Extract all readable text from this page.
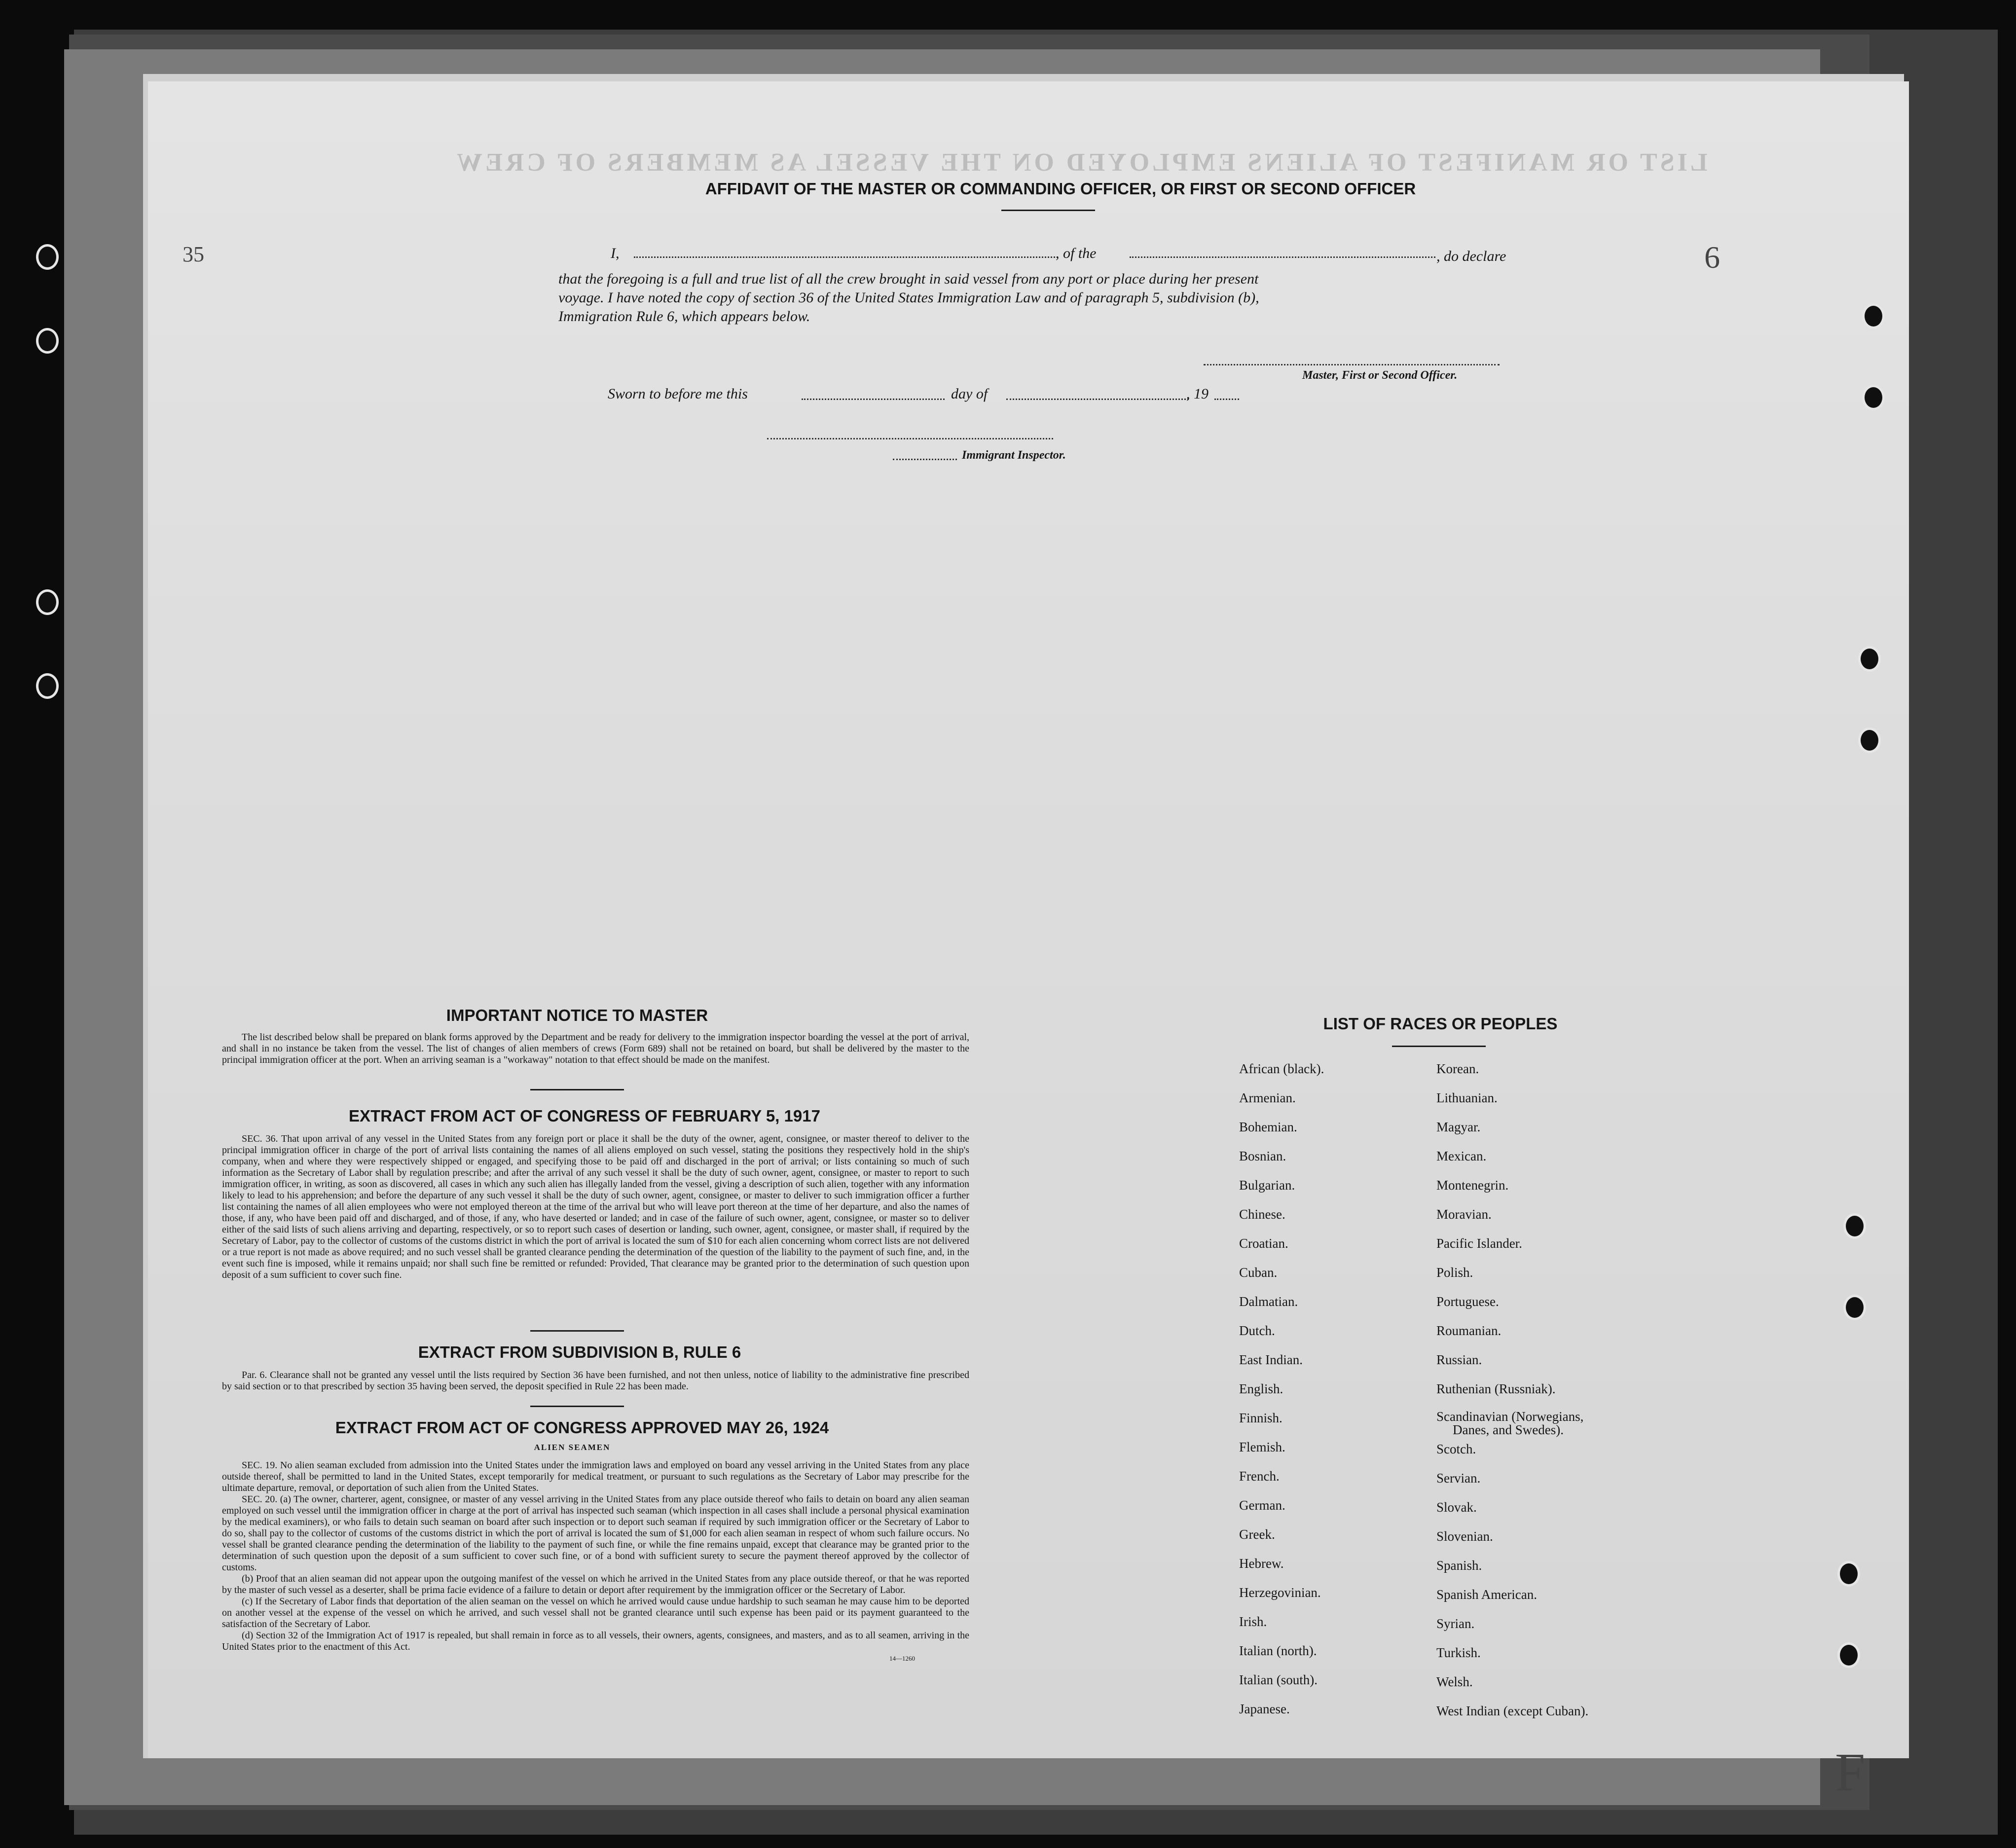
LIST OR MANIFEST OF ALIENS EMPLOYED ON THE VESSEL AS MEMBERS OF CREW
35	6
F
AFFIDAVIT OF THE MASTER OR COMMANDING OFFICER, OR FIRST OR SECOND OFFICER
I,	, of the	, do declare
that the foregoing is a full and true list of all the crew brought in said vessel from any port or place during her present
voyage. I have noted the copy of section 36 of the United States Immigration Law and of paragraph 5, subdivision (b),
Immigration Rule 6, which appears below.
Master, First or Second Officer.
Sworn to before me this	day of	, 19
Immigrant Inspector.
IMPORTANT NOTICE TO MASTER
The list described below shall be prepared on blank forms approved by the Department and be ready for delivery to the immigration inspector boarding the vessel at the port of arrival, and shall in no instance be taken from the vessel. The list of changes of alien members of crews (Form 689) shall not be retained on board, but shall be delivered by the master to the principal immigration officer at the port. When an arriving seaman is a "workaway" notation to that effect should be made on the manifest.
EXTRACT FROM ACT OF CONGRESS OF FEBRUARY 5, 1917
SEC. 36. That upon arrival of any vessel in the United States from any foreign port or place it shall be the duty of the owner, agent, consignee, or master thereof to deliver to the principal immigration officer in charge of the port of arrival lists containing the names of all aliens employed on such vessel, stating the positions they respectively hold in the ship's company, when and where they were respectively shipped or engaged, and specifying those to be paid off and discharged in the port of arrival; or lists containing so much of such information as the Secretary of Labor shall by regulation prescribe; and after the arrival of any such vessel it shall be the duty of such owner, agent, consignee, or master to report to such immigration officer, in writing, as soon as discovered, all cases in which any such alien has illegally landed from the vessel, giving a description of such alien, together with any information likely to lead to his apprehension; and before the departure of any such vessel it shall be the duty of such owner, agent, consignee, or master to deliver to such immigration officer a further list containing the names of all alien employees who were not employed thereon at the time of the arrival but who will leave port thereon at the time of her departure, and also the names of those, if any, who have been paid off and discharged, and of those, if any, who have deserted or landed; and in case of the failure of such owner, agent, consignee, or master so to deliver either of the said lists of such aliens arriving and departing, respectively, or so to report such cases of desertion or landing, such owner, agent, consignee, or master shall, if required by the Secretary of Labor, pay to the collector of customs of the customs district in which the port of arrival is located the sum of $10 for each alien concerning whom correct lists are not delivered or a true report is not made as above required; and no such vessel shall be granted clearance pending the determination of the question of the liability to the payment of such fine, and, in the event such fine is imposed, while it remains unpaid; nor shall such fine be remitted or refunded: Provided, That clearance may be granted prior to the determination of such question upon deposit of a sum sufficient to cover such fine.
EXTRACT FROM SUBDIVISION B, RULE 6
Par. 6. Clearance shall not be granted any vessel until the lists required by Section 36 have been furnished, and not then unless, notice of liability to the administrative fine prescribed by said section or to that prescribed by section 35 having been served, the deposit specified in Rule 22 has been made.
EXTRACT FROM ACT OF CONGRESS APPROVED MAY 26, 1924
ALIEN SEAMEN
SEC. 19. No alien seaman excluded from admission into the United States under the immigration laws and employed on board any vessel arriving in the United States from any place outside thereof, shall be permitted to land in the United States, except temporarily for medical treatment, or pursuant to such regulations as the Secretary of Labor may prescribe for the ultimate departure, removal, or deportation of such alien from the United States.
SEC. 20. (a) The owner, charterer, agent, consignee, or master of any vessel arriving in the United States from any place outside thereof who fails to detain on board any alien seaman employed on such vessel until the immigration officer in charge at the port of arrival has inspected such seaman (which inspection in all cases shall include a personal physical examination by the medical examiners), or who fails to detain such seaman on board after such inspection or to deport such seaman if required by such immigration officer or the Secretary of Labor to do so, shall pay to the collector of customs of the customs district in which the port of arrival is located the sum of $1,000 for each alien seaman in respect of whom such failure occurs. No vessel shall be granted clearance pending the determination of the liability to the payment of such fine, or while the fine remains unpaid, except that clearance may be granted prior to the determination of such question upon the deposit of a sum sufficient to cover such fine, or of a bond with sufficient surety to secure the payment thereof approved by the collector of customs.
(b) Proof that an alien seaman did not appear upon the outgoing manifest of the vessel on which he arrived in the United States from any place outside thereof, or that he was reported by the master of such vessel as a deserter, shall be prima facie evidence of a failure to detain or deport after requirement by the immigration officer or the Secretary of Labor.
(c) If the Secretary of Labor finds that deportation of the alien seaman on the vessel on which he arrived would cause undue hardship to such seaman he may cause him to be deported on another vessel at the expense of the vessel on which he arrived, and such vessel shall not be granted clearance until such expense has been paid or its payment guaranteed to the satisfaction of the Secretary of Labor.
(d) Section 32 of the Immigration Act of 1917 is repealed, but shall remain in force as to all vessels, their owners, agents, consignees, and masters, and as to all seamen, arriving in the United States prior to the enactment of this Act.
14—1260
LIST OF RACES OR PEOPLES
African (black).
Armenian.
Bohemian.
Bosnian.
Bulgarian.
Chinese.
Croatian.
Cuban.
Dalmatian.
Dutch.
East Indian.
English.
Finnish.
Flemish.
French.
German.
Greek.
Hebrew.
Herzegovinian.
Irish.
Italian (north).
Italian (south).
Japanese.
Korean.
Lithuanian.
Magyar.
Mexican.
Montenegrin.
Moravian.
Pacific Islander.
Polish.
Portuguese.
Roumanian.
Russian.
Ruthenian (Russniak).
Scandinavian (Norwegians,
Danes, and Swedes).
Scotch.
Servian.
Slovak.
Slovenian.
Spanish.
Spanish American.
Syrian.
Turkish.
Welsh.
West Indian (except Cuban).
